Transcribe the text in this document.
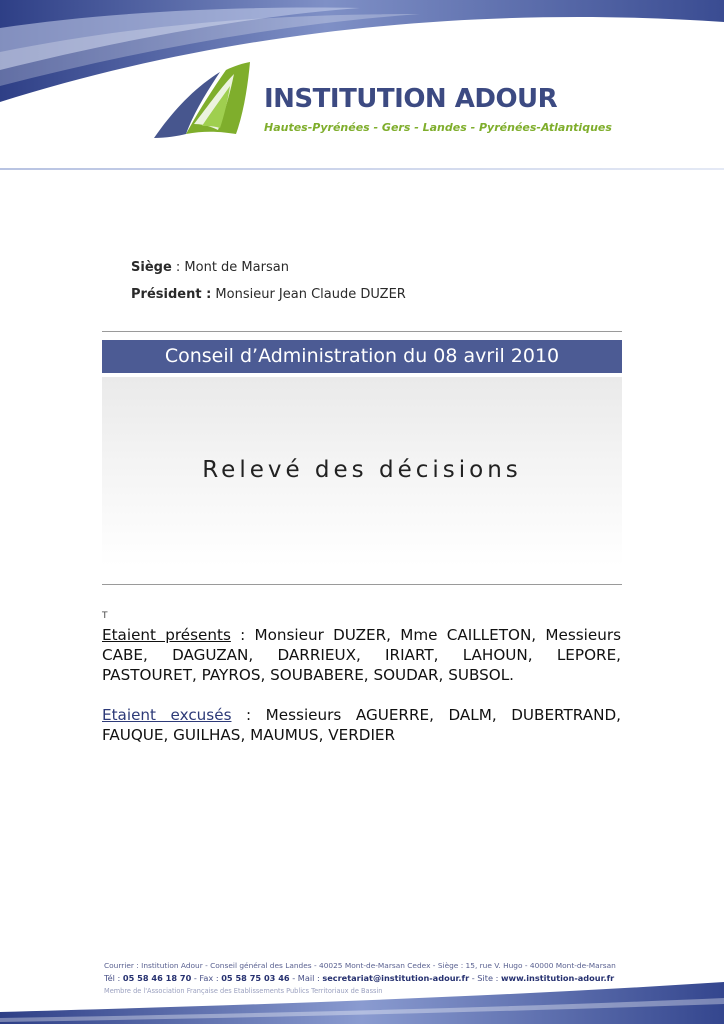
INSTITUTION ADOUR
Hautes-Pyrénées - Gers - Landes - Pyrénées-Atlantiques
Siège : Mont de Marsan
Président : Monsieur Jean Claude DUZER
Conseil d’Administration du 08 avril 2010
Relevé des décisions
T

Etaient présents : Monsieur DUZER, Mme CAILLETON, Messieurs CABE, DAGUZAN, DARRIEUX, IRIART, LAHOUN, LEPORE, PASTOURET, PAYROS, SOUBABERE, SOUDAR, SUBSOL.

Etaient excusés : Messieurs AGUERRE, DALM, DUBERTRAND, FAUQUE, GUILHAS, MAUMUS, VERDIER

Courrier : Institution Adour - Conseil général des Landes - 40025 Mont-de-Marsan Cedex - Siège : 15, rue V. Hugo - 40000 Mont-de-Marsan
Tél : 05 58 46 18 70 - Fax : 05 58 75 03 46 - Mail : secretariat@institution-adour.fr - Site : www.institution-adour.fr
Membre de l'Association Française des Etablissements Publics Territoriaux de Bassin
